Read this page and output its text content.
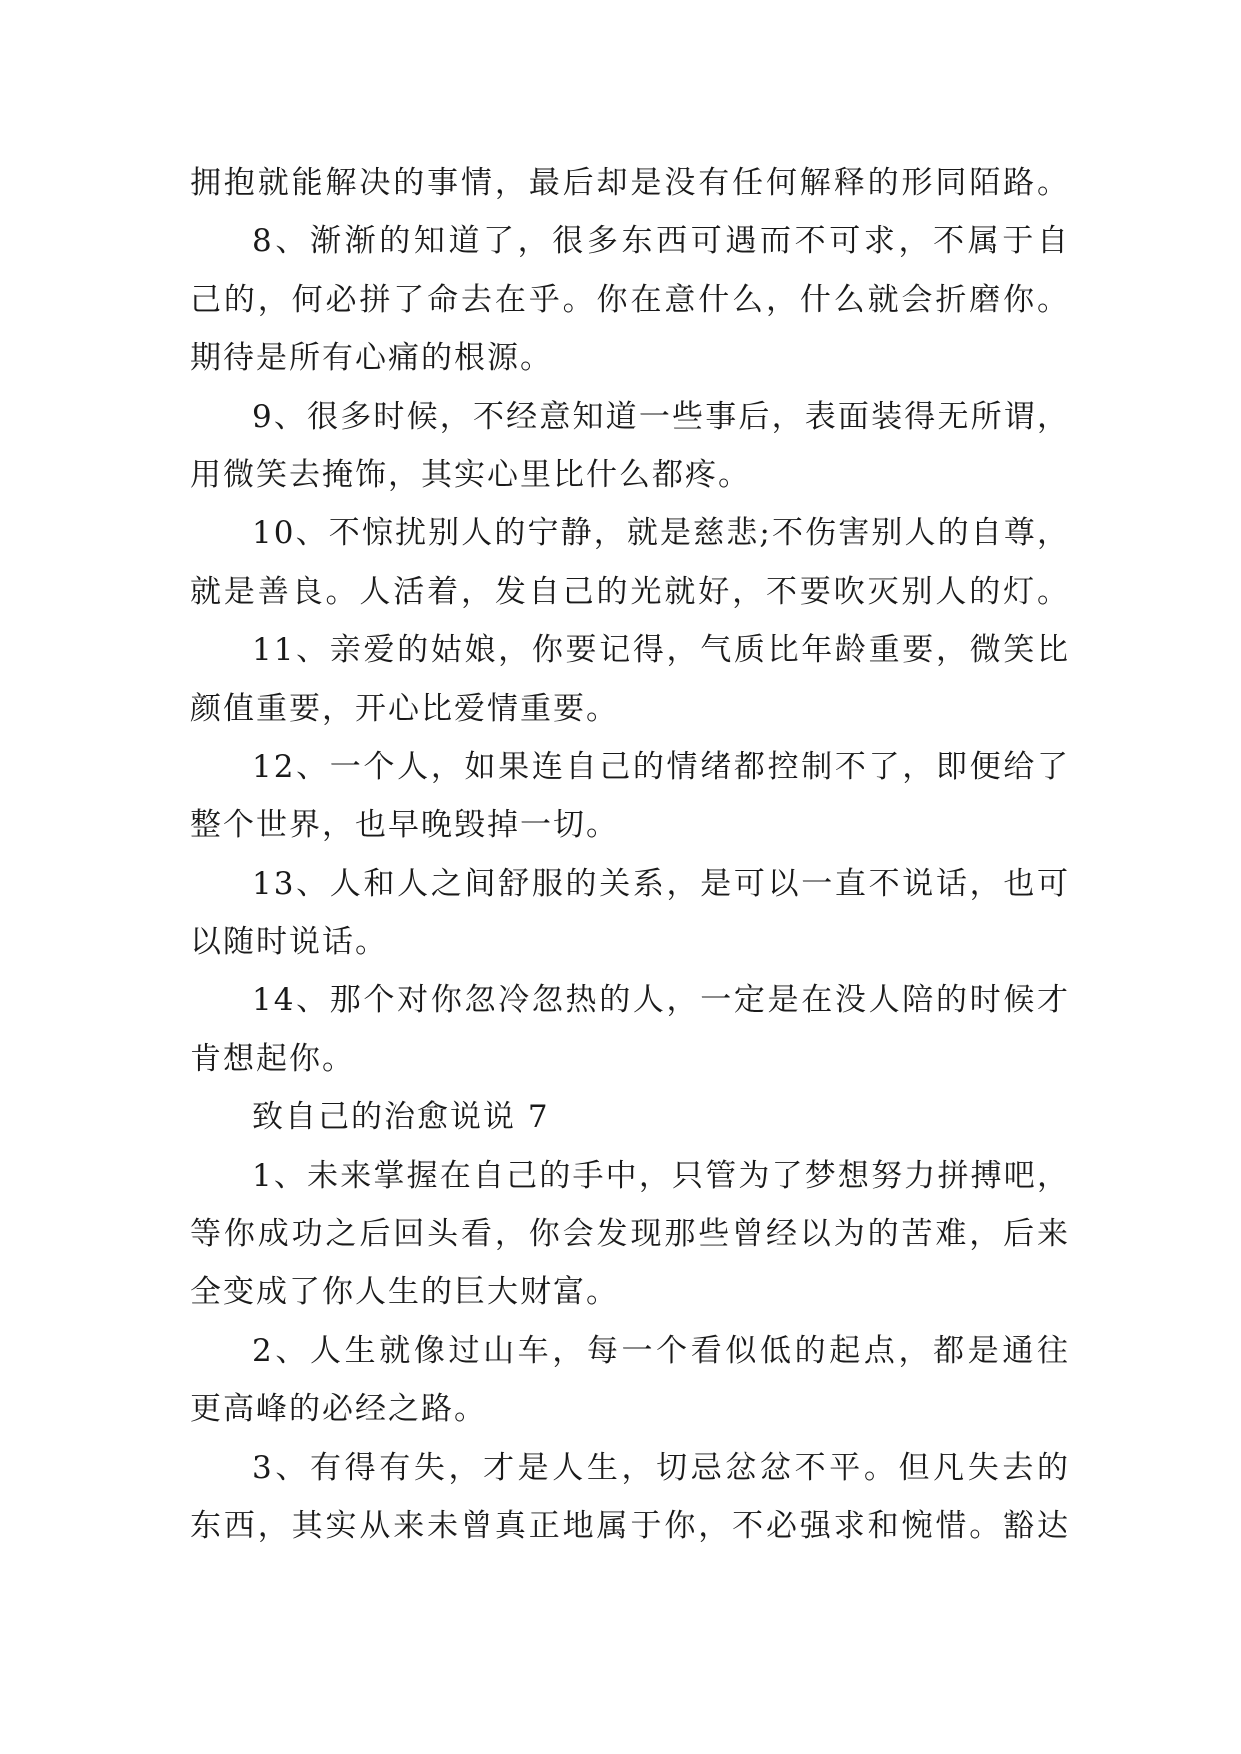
拥抱就能解决的事情，最后却是没有任何解释的形同陌路。
8、渐渐的知道了，很多东西可遇而不可求，不属于自
己的，何必拼了命去在乎。你在意什么，什么就会折磨你。
期待是所有心痛的根源。
9、很多时候，不经意知道一些事后，表面装得无所谓，
用微笑去掩饰，其实心里比什么都疼。
10、不惊扰别人的宁静，就是慈悲;不伤害别人的自尊，
就是善良。人活着，发自己的光就好，不要吹灭别人的灯。
11、亲爱的姑娘，你要记得，气质比年龄重要，微笑比
颜值重要，开心比爱情重要。
12、一个人，如果连自己的情绪都控制不了，即便给了
整个世界，也早晚毁掉一切。
13、人和人之间舒服的关系，是可以一直不说话，也可
以随时说话。
14、那个对你忽冷忽热的人，一定是在没人陪的时候才
肯想起你。
致自己的治愈说说 7
1、未来掌握在自己的手中，只管为了梦想努力拼搏吧，
等你成功之后回头看，你会发现那些曾经以为的苦难，后来
全变成了你人生的巨大财富。
2、人生就像过山车，每一个看似低的起点，都是通往
更高峰的必经之路。
3、有得有失，才是人生，切忌忿忿不平。但凡失去的
东西，其实从来未曾真正地属于你，不必强求和惋惜。豁达
